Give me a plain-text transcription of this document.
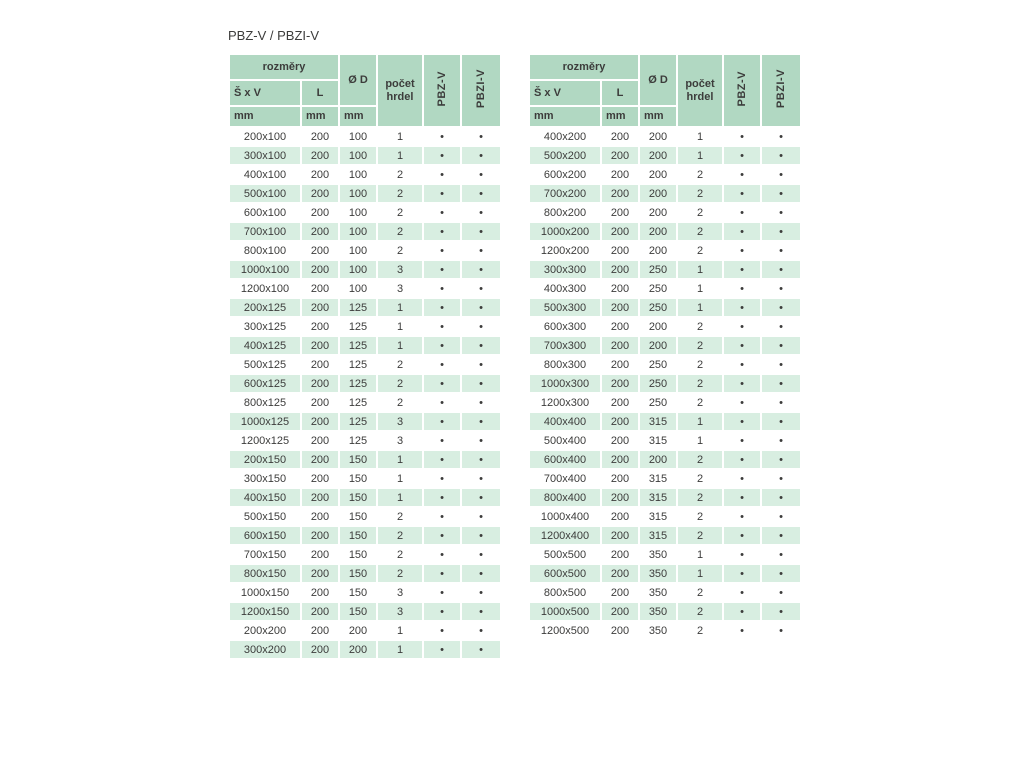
PBZ-V / PBZI-V
rozměry		Ø D	počet hrdel	PBZ-V	PBZI-V
Š x V	L				
mm	mm	mm			
200x100	200	100	1	•	•
300x100	200	100	1	•	•
400x100	200	100	2	•	•
500x100	200	100	2	•	•
600x100	200	100	2	•	•
700x100	200	100	2	•	•
800x100	200	100	2	•	•
1000x100	200	100	3	•	•
1200x100	200	100	3	•	•
200x125	200	125	1	•	•
300x125	200	125	1	•	•
400x125	200	125	1	•	•
500x125	200	125	2	•	•
600x125	200	125	2	•	•
800x125	200	125	2	•	•
1000x125	200	125	3	•	•
1200x125	200	125	3	•	•
200x150	200	150	1	•	•
300x150	200	150	1	•	•
400x150	200	150	1	•	•
500x150	200	150	2	•	•
600x150	200	150	2	•	•
700x150	200	150	2	•	•
800x150	200	150	2	•	•
1000x150	200	150	3	•	•
1200x150	200	150	3	•	•
200x200	200	200	1	•	•
300x200	200	200	1	•	•
rozměry		Ø D	počet hrdel	PBZ-V	PBZI-V
Š x V	L				
mm	mm	mm			
400x200	200	200	1	•	•
500x200	200	200	1	•	•
600x200	200	200	2	•	•
700x200	200	200	2	•	•
800x200	200	200	2	•	•
1000x200	200	200	2	•	•
1200x200	200	200	2	•	•
300x300	200	250	1	•	•
400x300	200	250	1	•	•
500x300	200	250	1	•	•
600x300	200	200	2	•	•
700x300	200	200	2	•	•
800x300	200	250	2	•	•
1000x300	200	250	2	•	•
1200x300	200	250	2	•	•
400x400	200	315	1	•	•
500x400	200	315	1	•	•
600x400	200	200	2	•	•
700x400	200	315	2	•	•
800x400	200	315	2	•	•
1000x400	200	315	2	•	•
1200x400	200	315	2	•	•
500x500	200	350	1	•	•
600x500	200	350	1	•	•
800x500	200	350	2	•	•
1000x500	200	350	2	•	•
1200x500	200	350	2	•	•
